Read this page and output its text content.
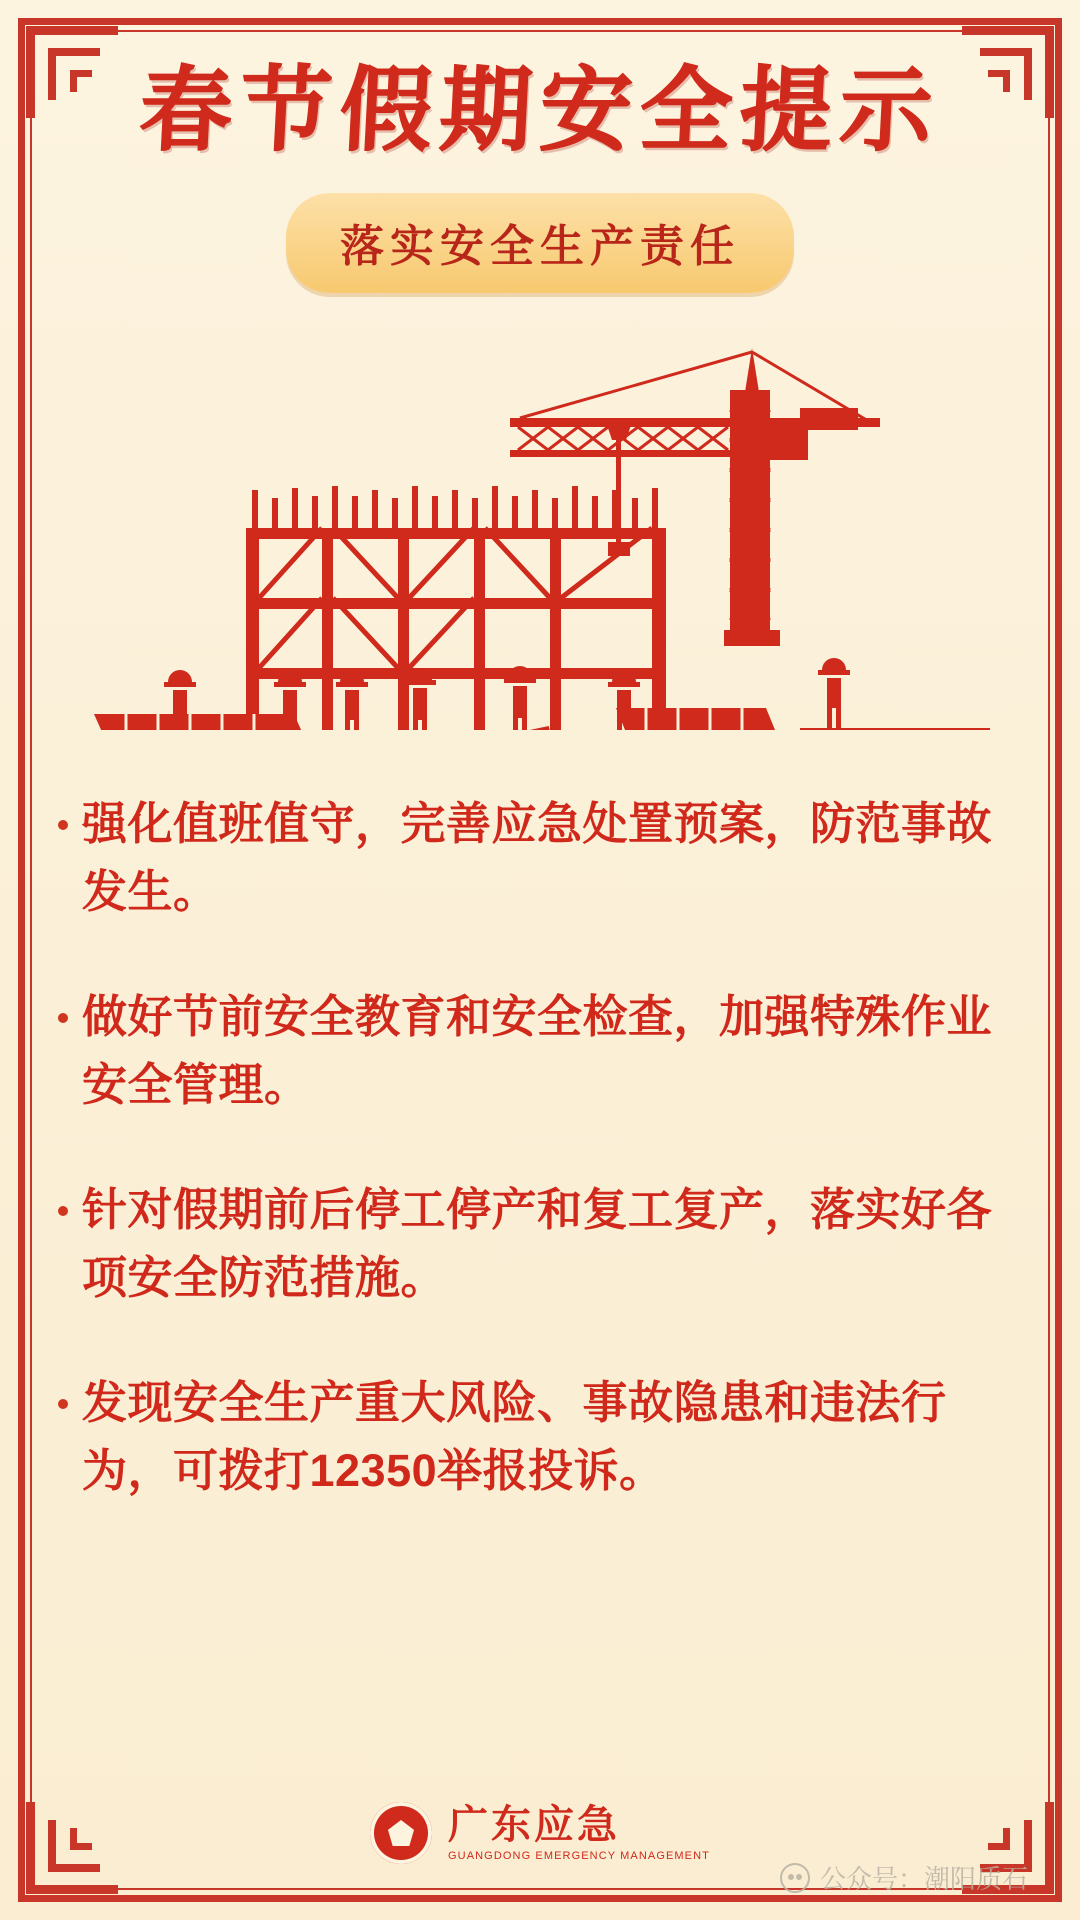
春节假期安全提示
落实安全生产责任
强化值班值守，完善应急处置预案，防范事故发生。
做好节前安全教育和安全检查，加强特殊作业安全管理。
针对假期前后停工停产和复工复产，落实好各项安全防范措施。
发现安全生产重大风险、事故隐患和违法行为，可拨打12350举报投诉。
广东应急
GUANGDONG EMERGENCY MANAGEMENT
公众号：潮阳质石
